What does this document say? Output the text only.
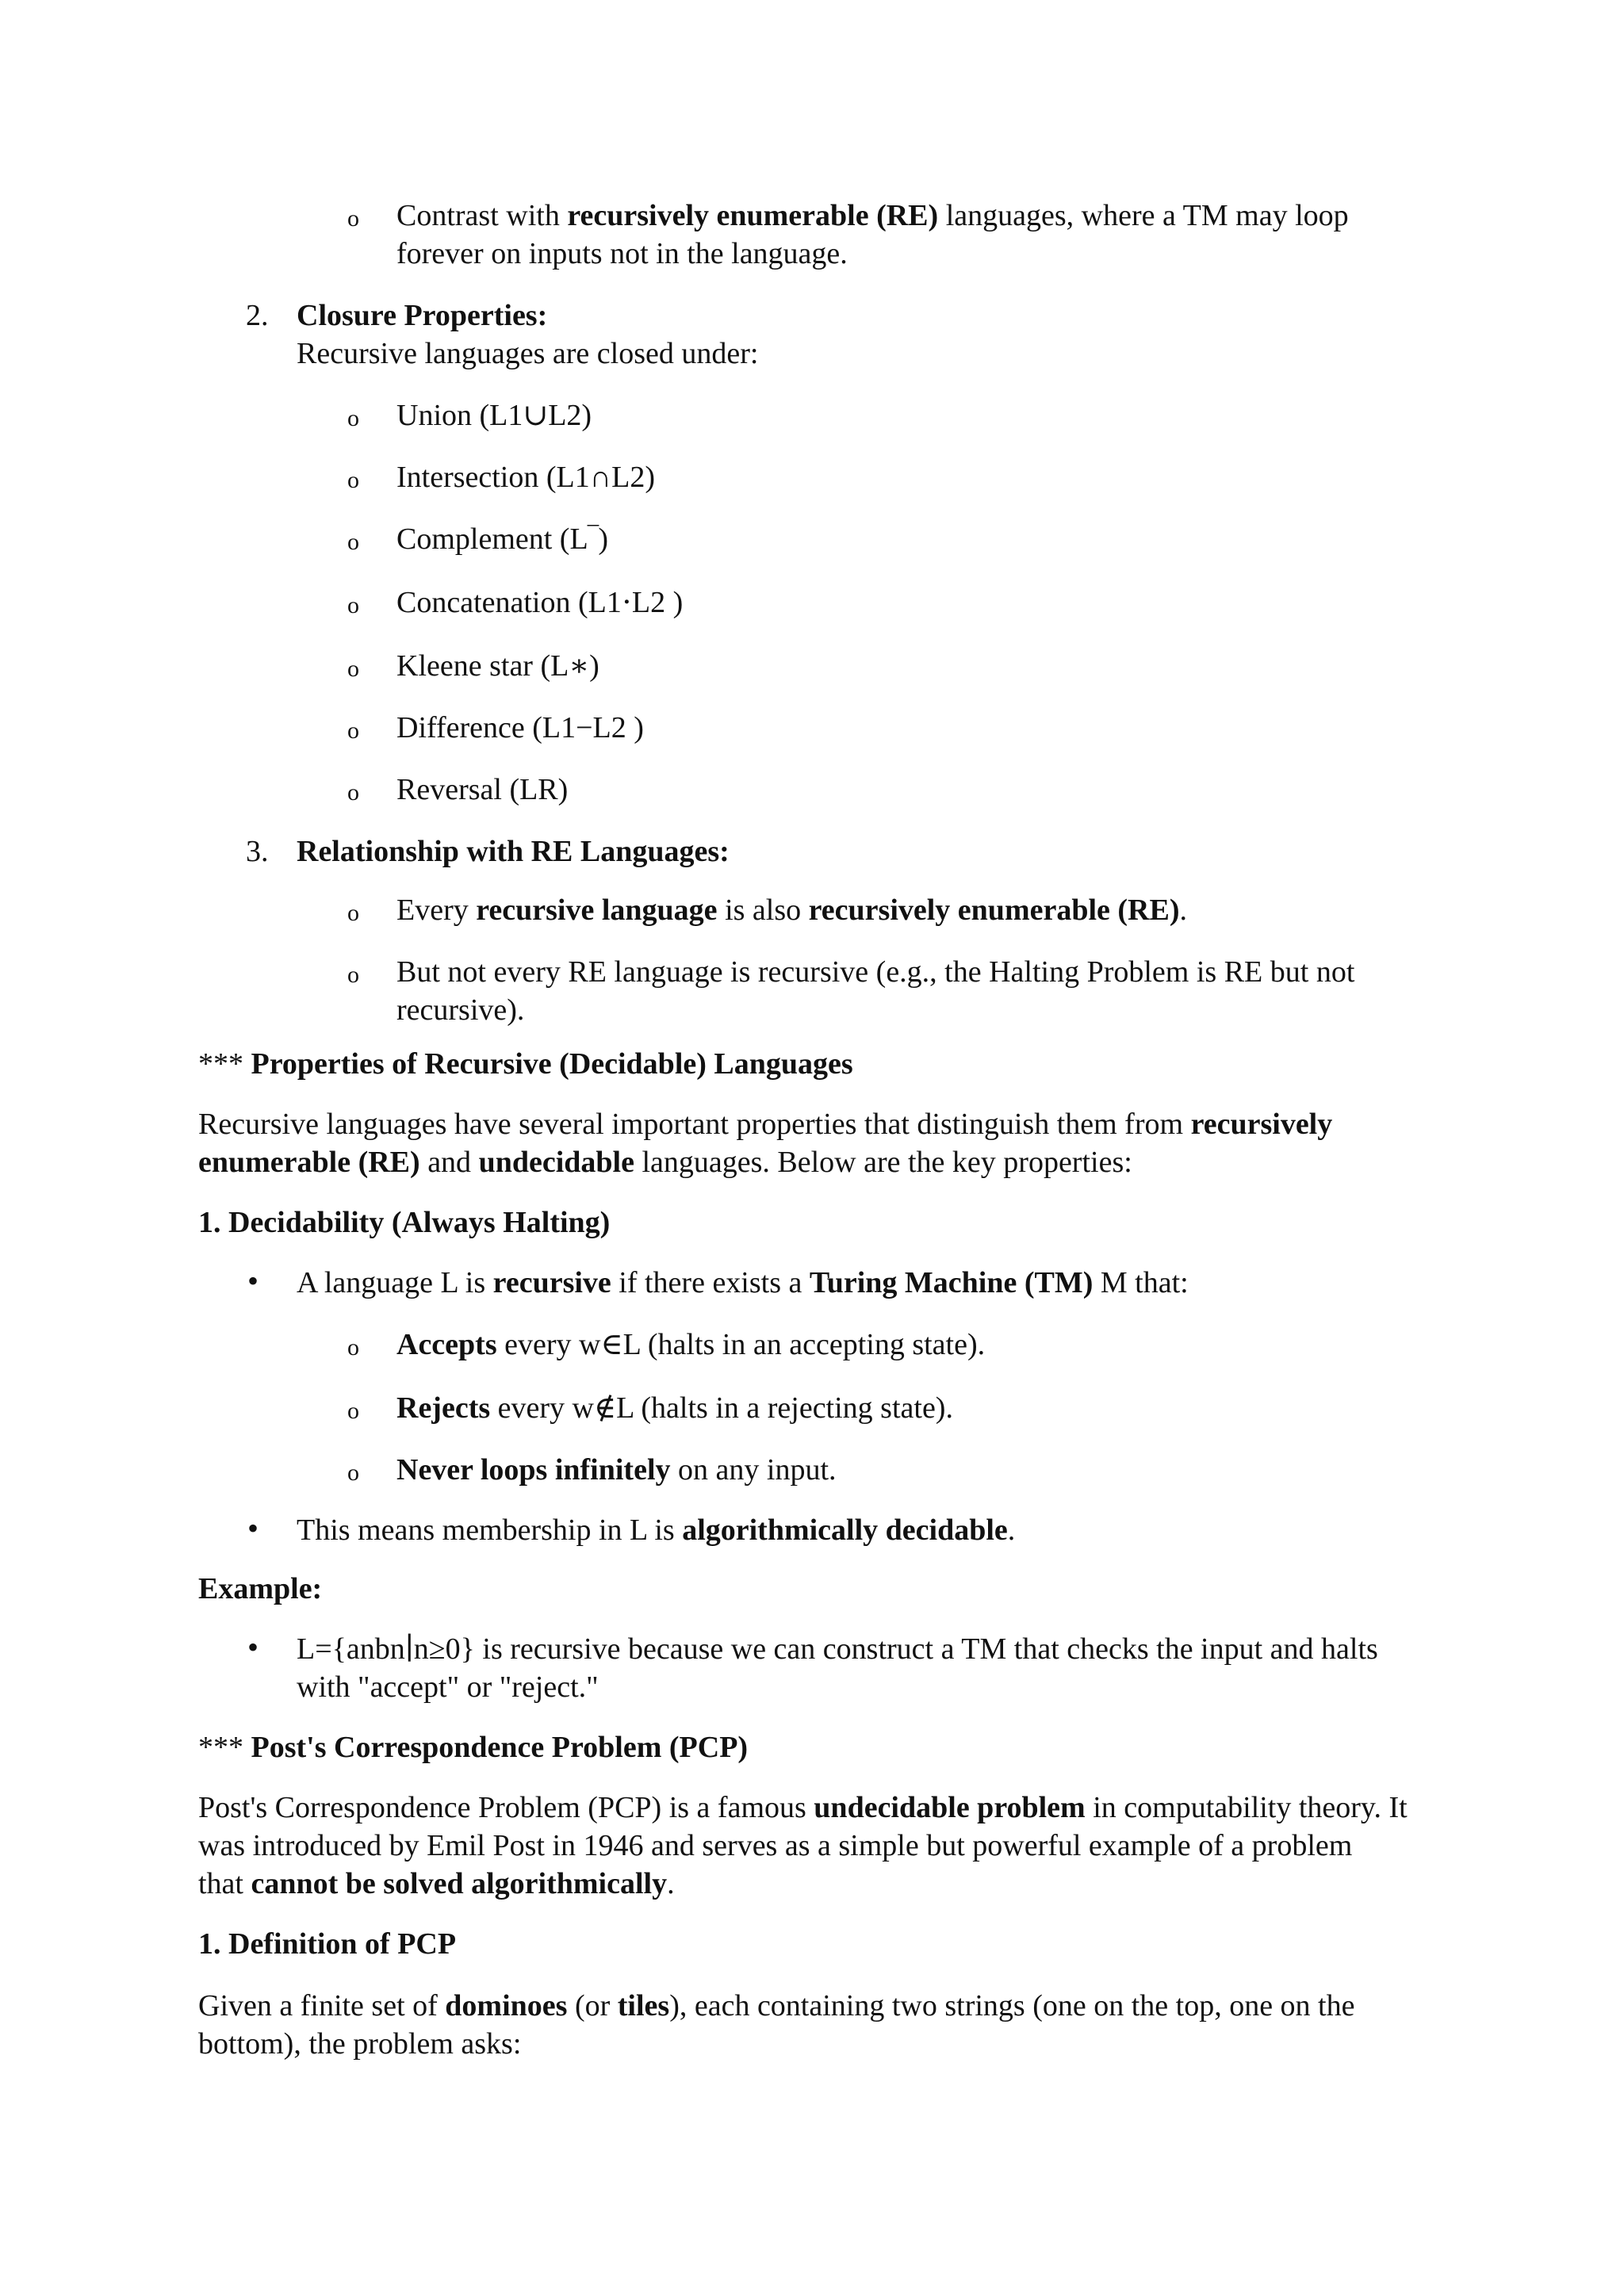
o Contrast with recursively enumerable (RE) languages, where a TM may loop

forever on inputs not in the language.

2. Closure Properties:

Recursive languages are closed under:

o Union (L1∪L2)

o Intersection (L1∩L2)

o Complement (L‾)

o Concatenation (L1⋅L2 )

o Kleene star (L∗)

o Difference (L1−L2 )

o Reversal (LR)

3. Relationship with RE Languages:

o Every recursive language is also recursively enumerable (RE).

o But not every RE language is recursive (e.g., the Halting Problem is RE but not

recursive).

*** Properties of Recursive (Decidable) Languages

Recursive languages have several important properties that distinguish them from recursively

enumerable (RE) and undecidable languages. Below are the key properties:

1. Decidability (Always Halting)

• A language L is recursive if there exists a Turing Machine (TM) M that:

o Accepts every w∈L (halts in an accepting state).

o Rejects every w∉L (halts in a rejecting state).

o Never loops infinitely on any input.

• This means membership in L is algorithmically decidable.

Example:

• L={anbn∣n≥0} is recursive because we can construct a TM that checks the input and halts

with "accept" or "reject."

*** Post's Correspondence Problem (PCP)

Post's Correspondence Problem (PCP) is a famous undecidable problem in computability theory. It

was introduced by Emil Post in 1946 and serves as a simple but powerful example of a problem

that cannot be solved algorithmically.

1. Definition of PCP

Given a finite set of dominoes (or tiles), each containing two strings (one on the top, one on the

bottom), the problem asks:
